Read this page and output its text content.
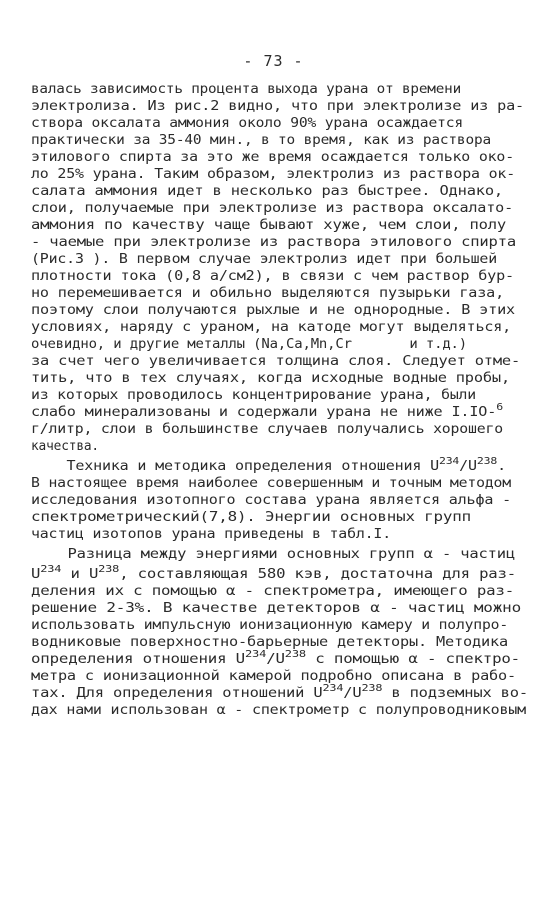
- 73 -
валась зависимость процента выхода урана от времени
электролиза. Из рис.2 видно, что при электролизе из ра-
створа оксалата аммония около 90% урана осаждается
практически за 35-40 мин., в то время, как из раствора
этилового спирта за это же время осаждается только око-
ло 25% урана. Таким образом, электролиз из раствора ок-
салата аммония идет в несколько раз быстрее. Однако,
слои, получаемые при электролизе из раствора оксалато-
аммония по качеству чаще бывают хуже, чем слои, полу
- чаемые при электролизе из раствора этилового спирта
(Рис.3 ). В первом случае электролиз идет при большей
плотности тока (0,8 а/см2), в связи с чем раствор бур-
но перемешивается и обильно выделяются пузырьки газа,
поэтому слои получаются рыхлые и не однородные. В этих
условиях, наряду с ураном, на катоде могут выделяться,
очевидно, и другие металлы (Na,Ca,Mn,Cr       и т.д.)
за счет чего увеличивается толщина слоя. Следует отме-
тить, что в тех случаях, когда исходные водные пробы,
из которых проводилось концентрирование урана, были
слабо минерализованы и содержали урана не ниже I.IO-$^6$
г/литр, слои в большинстве случаев получались хорошего
качества.
Техника и методика определения отношения $U^{234}/U^{238}$.
В настоящее время наиболее совершенным и точным методом
исследования изотопного состава урана является альфа -
спектрометрический(7,8). Энергии основных групп
частиц изотопов урана приведены в табл.I.
Разница между энергиями основных групп α - частиц
$U^{234}$ и $U^{238}$, составляющая 580 кэв, достаточна для раз-
деления их с помощью α - спектрометра, имеющего раз-
решение 2-3%. В качестве детекторов α - частиц можно
использовать импульсную ионизационную камеру и полупро-
водниковые поверхностно-барьерные детекторы. Методика
определения отношения $U^{234}/U^{238}$ с помощью α - спектро-
метра с ионизационной камерой подробно описана в рабо-
тах. Для определения отношений $U^{234}/U^{238}$ в подземных во-
дах нами использован α - спектрометр с полупроводниковым
